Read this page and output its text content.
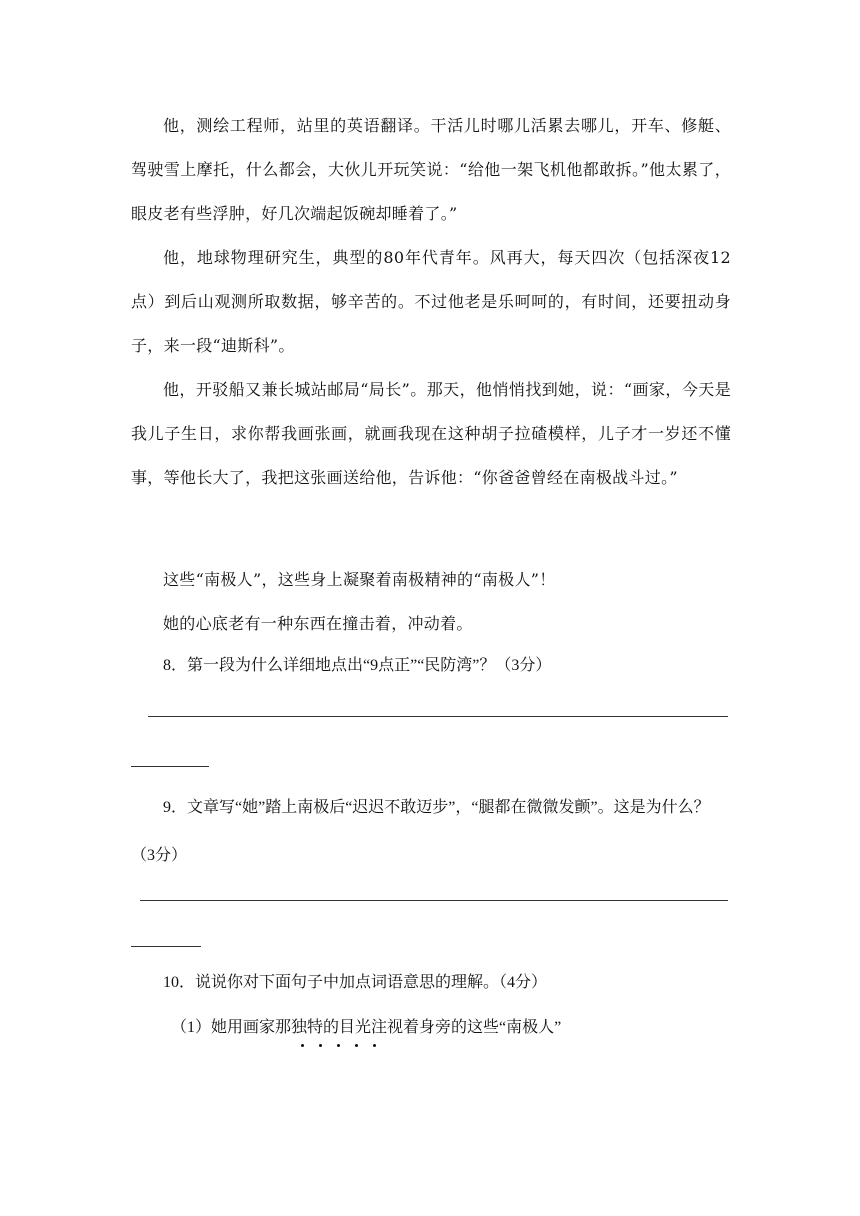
他，测绘工程师，站里的英语翻译。干活儿时哪儿活累去哪儿，开车、修艇、驾驶雪上摩托，什么都会，大伙儿开玩笑说：“给他一架飞机他都敢拆。”他太累了，眼皮老有些浮肿，好几次端起饭碗却睡着了。”

他，地球物理研究生，典型的80年代青年。风再大，每天四次（包括深夜12点）到后山观测所取数据，够辛苦的。不过他老是乐呵呵的，有时间，还要扭动身子，来一段“迪斯科”。

他，开驳船又兼长城站邮局“局长”。那天，他悄悄找到她，说：“画家，今天是我儿子生日，求你帮我画张画，就画我现在这种胡子拉碴模样，儿子才一岁还不懂事，等他长大了，我把这张画送给他，告诉他：“你爸爸曾经在南极战斗过。”

这些“南极人”，这些身上凝聚着南极精神的“南极人”！

她的心底老有一种东西在撞击着，冲动着。

8．第一段为什么详细地点出“9点正”“民防湾”？（3分）

9．文章写“她”踏上南极后“迟迟不敢迈步”，“腿都在微微发颤”。这是为什么？（3分）

10．说说你对下面句子中加点词语意思的理解。（4分）

（1）她用画家那独特的目光注视着身旁的这些“南极人”
